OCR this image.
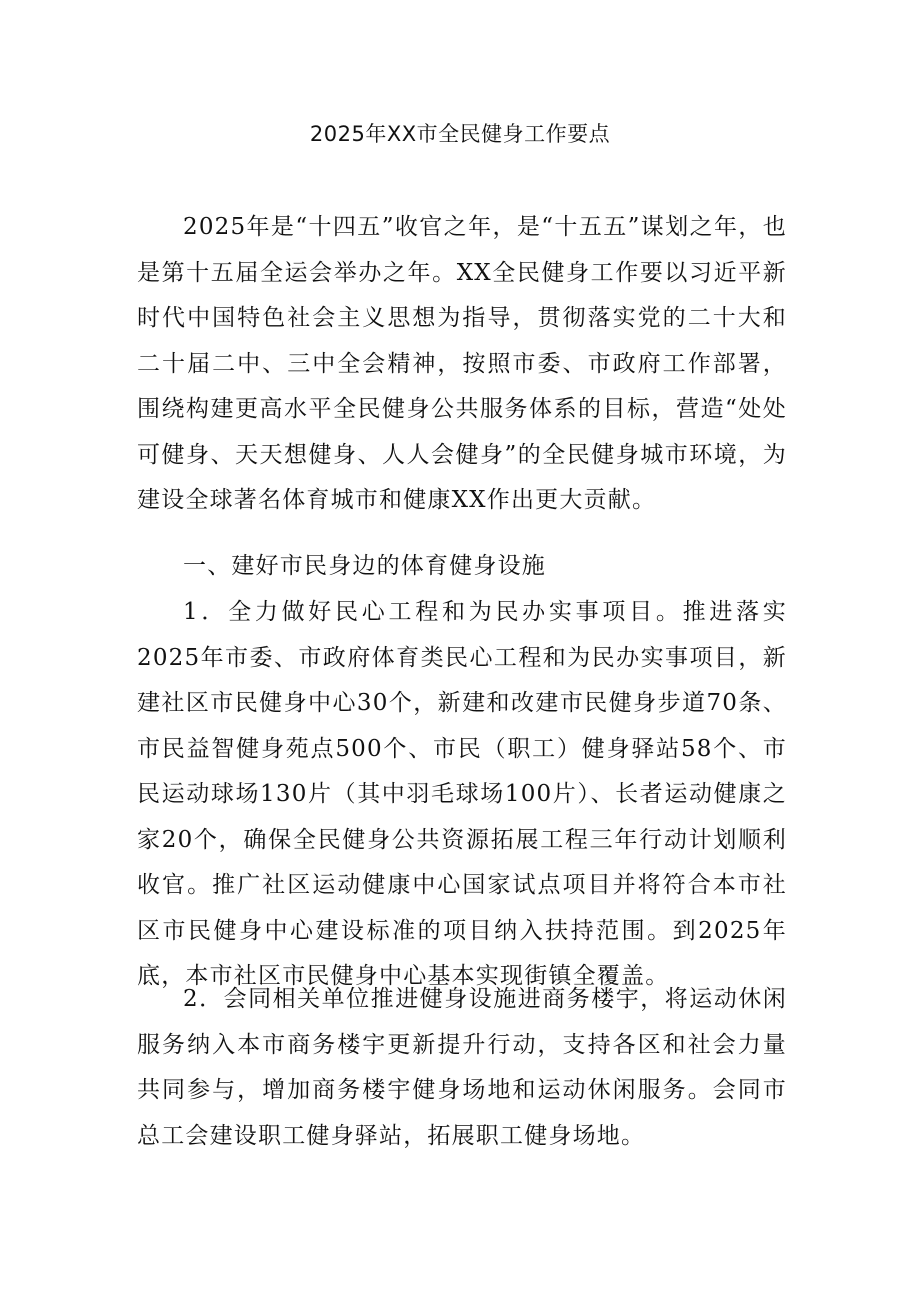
2025年XX市全民健身工作要点

2025年是“十四五”收官之年，是“十五五”谋划之年，也是第十五届全运会举办之年。XX全民健身工作要以习近平新时代中国特色社会主义思想为指导，贯彻落实党的二十大和二十届二中、三中全会精神，按照市委、市政府工作部署，围绕构建更高水平全民健身公共服务体系的目标，营造“处处可健身、天天想健身、人人会健身”的全民健身城市环境，为建设全球著名体育城市和健康XX作出更大贡献。

一、建好市民身边的体育健身设施

1．全力做好民心工程和为民办实事项目。推进落实2025年市委、市政府体育类民心工程和为民办实事项目，新建社区市民健身中心30个，新建和改建市民健身步道70条、市民益智健身苑点500个、市民（职工）健身驿站58个、市民运动球场130片（其中羽毛球场100片）、长者运动健康之家20个，确保全民健身公共资源拓展工程三年行动计划顺利收官。推广社区运动健康中心国家试点项目并将符合本市社区市民健身中心建设标准的项目纳入扶持范围。到2025年底，本市社区市民健身中心基本实现街镇全覆盖。

2．会同相关单位推进健身设施进商务楼宇，将运动休闲服务纳入本市商务楼宇更新提升行动，支持各区和社会力量共同参与，增加商务楼宇健身场地和运动休闲服务。会同市总工会建设职工健身驿站，拓展职工健身场地。
